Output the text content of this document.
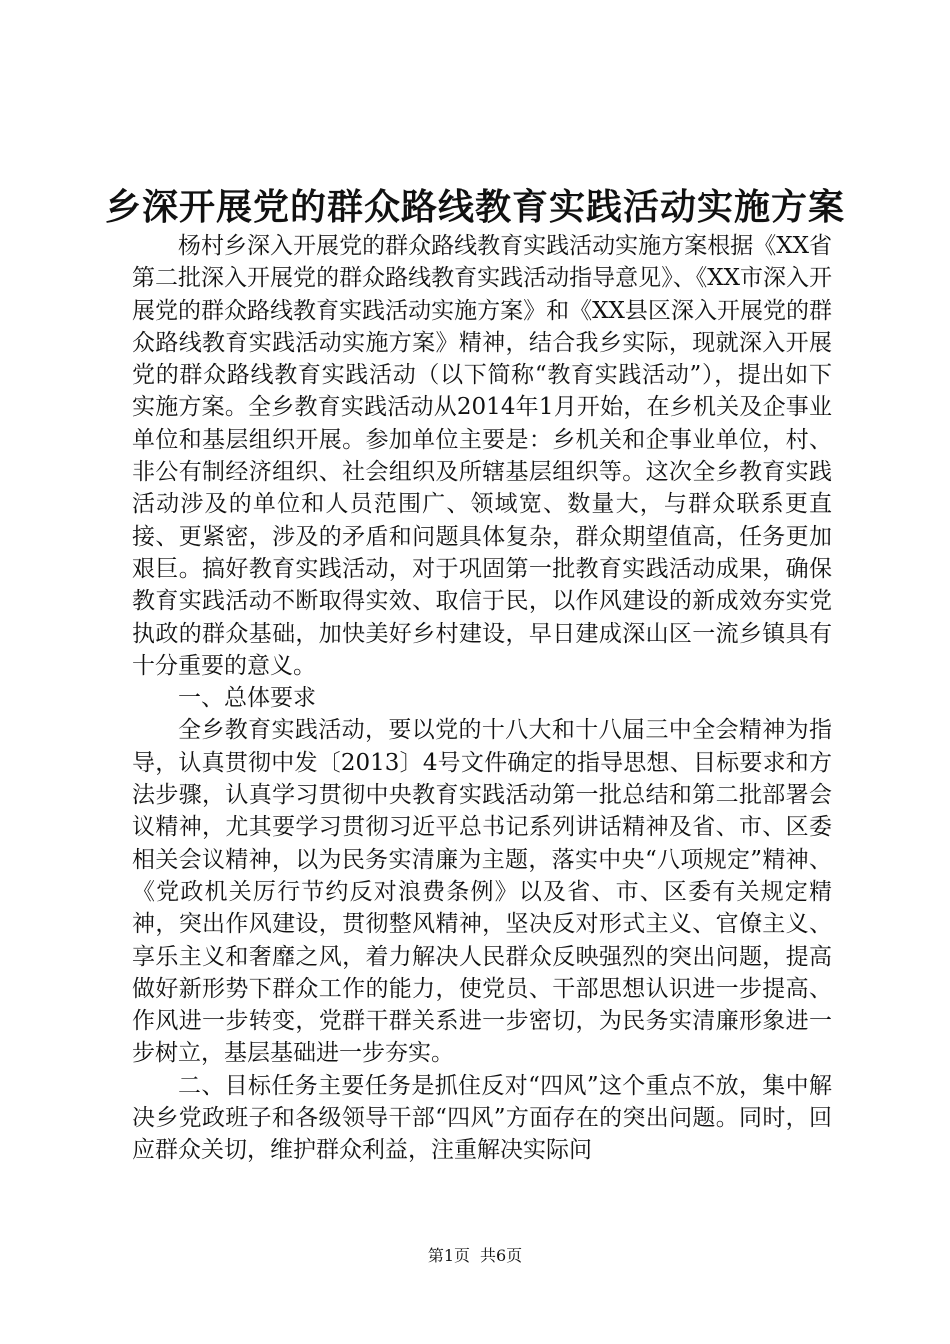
乡深开展党的群众路线教育实践活动实施方案

杨村乡深入开展党的群众路线教育实践活动实施方案根据《XX省第二批深入开展党的群众路线教育实践活动指导意见》、《XX市深入开展党的群众路线教育实践活动实施方案》和《XX县区深入开展党的群众路线教育实践活动实施方案》精神，结合我乡实际，现就深入开展党的群众路线教育实践活动（以下简称“教育实践活动”），提出如下实施方案。全乡教育实践活动从2014年1月开始，在乡机关及企事业单位和基层组织开展。参加单位主要是：乡机关和企事业单位，村、非公有制经济组织、社会组织及所辖基层组织等。这次全乡教育实践活动涉及的单位和人员范围广、领域宽、数量大，与群众联系更直接、更紧密，涉及的矛盾和问题具体复杂，群众期望值高，任务更加艰巨。搞好教育实践活动，对于巩固第一批教育实践活动成果，确保教育实践活动不断取得实效、取信于民，以作风建设的新成效夯实党执政的群众基础，加快美好乡村建设，早日建成深山区一流乡镇具有十分重要的意义。

一、总体要求

全乡教育实践活动，要以党的十八大和十八届三中全会精神为指导，认真贯彻中发〔2013〕4号文件确定的指导思想、目标要求和方法步骤，认真学习贯彻中央教育实践活动第一批总结和第二批部署会议精神，尤其要学习贯彻习近平总书记系列讲话精神及省、市、区委相关会议精神，以为民务实清廉为主题，落实中央“八项规定”精神、《党政机关厉行节约反对浪费条例》以及省、市、区委有关规定精神，突出作风建设，贯彻整风精神，坚决反对形式主义、官僚主义、享乐主义和奢靡之风，着力解决人民群众反映强烈的突出问题，提高做好新形势下群众工作的能力，使党员、干部思想认识进一步提高、作风进一步转变，党群干群关系进一步密切，为民务实清廉形象进一步树立，基层基础进一步夯实。

二、目标任务主要任务是抓住反对“四风”这个重点不放，集中解决乡党政班子和各级领导干部“四风”方面存在的突出问题。同时，回应群众关切，维护群众利益，注重解决实际问

第1页 共6页
